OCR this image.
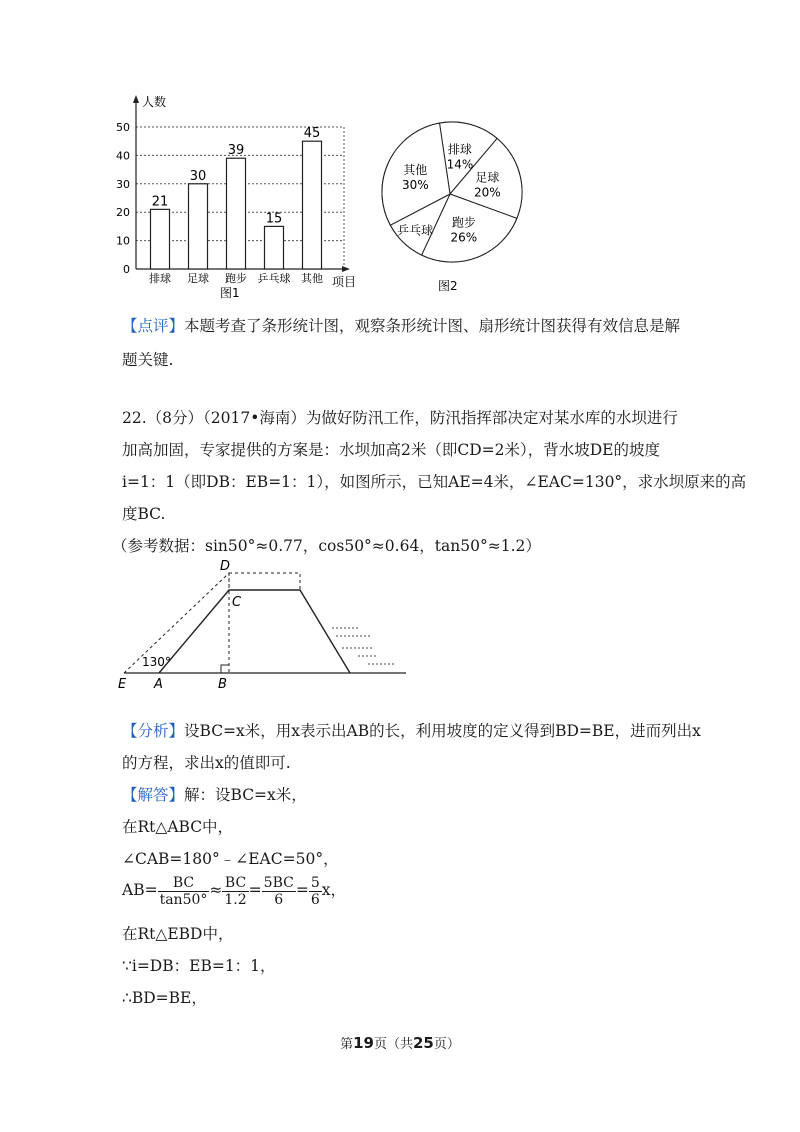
0
10
20
30
40
50
21
30
39
15
45
排球 足球 跑步 乒乓球 其他
人数
项目
图1
排球
14%
足球
20%
跑步
26%
乒乓球
其他
30%
图2
【点评】本题考查了条形统计图，观察条形统计图、扇形统计图获得有效信息是解
题关键.
22.（8分）（2017•海南）为做好防汛工作，防汛指挥部决定对某水库的水坝进行
加高加固，专家提供的方案是：水坝加高2米（即CD=2米），背水坡DE的坡度
i=1：1（即DB：EB=1：1），如图所示，已知AE=4米，∠EAC=130°，求水坝原来的高
度BC.
（参考数据：sin50°≈0.77，cos50°≈0.64，tan50°≈1.2）
D
C
E A	B
130°
【分析】设BC=x米，用x表示出AB的长，利用坡度的定义得到BD=BE，进而列出x
的方程，求出x的值即可.
【解答】解：设BC=x米，
在Rt△ABC中，
∠CAB=180°﹣∠EAC=50°，
$AB= \frac{BC}{\tan 50^\circ} \approx \frac{BC}{1.2} = \frac{5BC}{6} = \frac{5}{6}$ x，
在Rt△EBD中，
∵i=DB：EB=1：1，
∴BD=BE，
第19页（共25页）
